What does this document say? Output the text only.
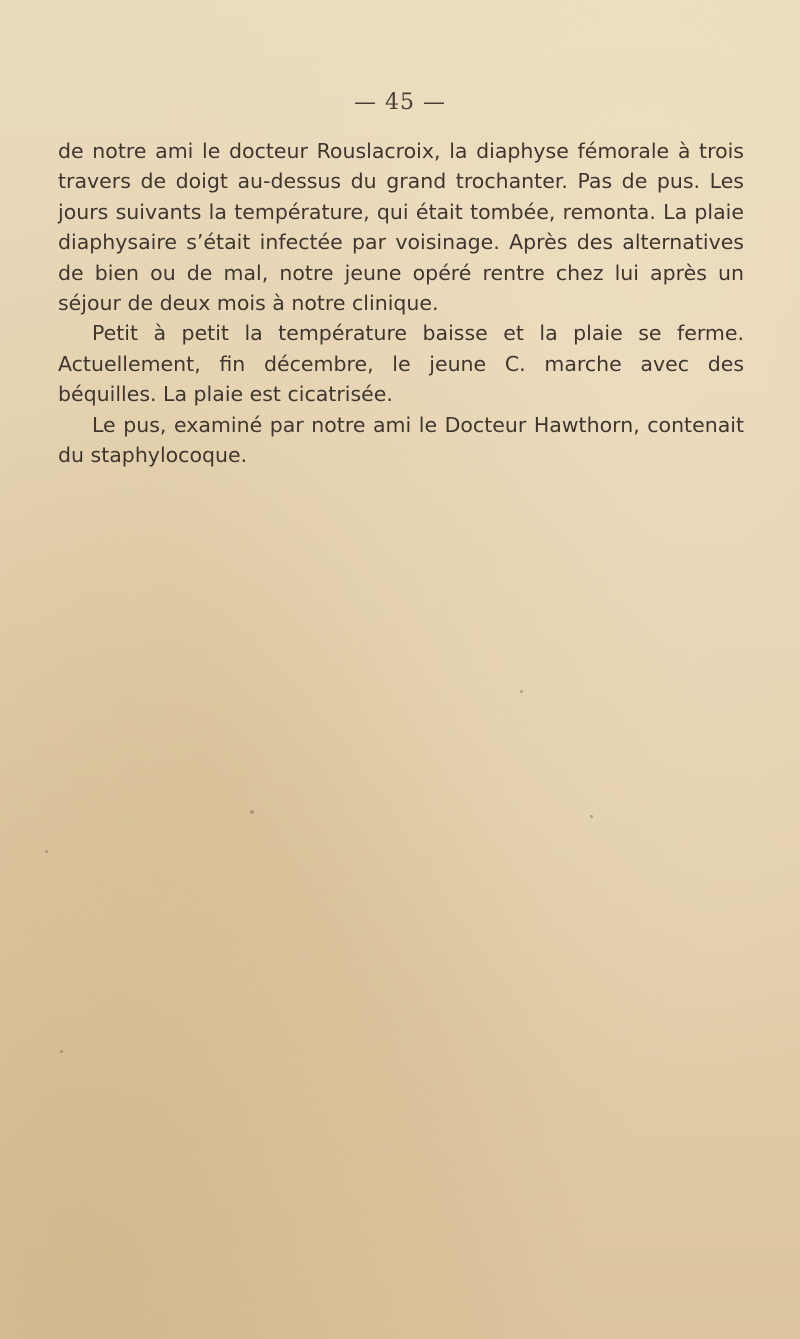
— 45 —

de notre ami le docteur Rouslacroix, la diaphyse fémorale à trois travers de doigt au-dessus du grand trochanter. Pas de pus. Les jours suivants la température, qui était tombée, remonta. La plaie diaphysaire s’était infectée par voisinage. Après des alternatives de bien ou de mal, notre jeune opéré rentre chez lui après un séjour de deux mois à notre clinique.

Petit à petit la température baisse et la plaie se ferme. Actuellement, fin décembre, le jeune C. marche avec des béquilles. La plaie est cicatrisée.

Le pus, examiné par notre ami le Docteur Hawthorn, contenait du staphylocoque.
